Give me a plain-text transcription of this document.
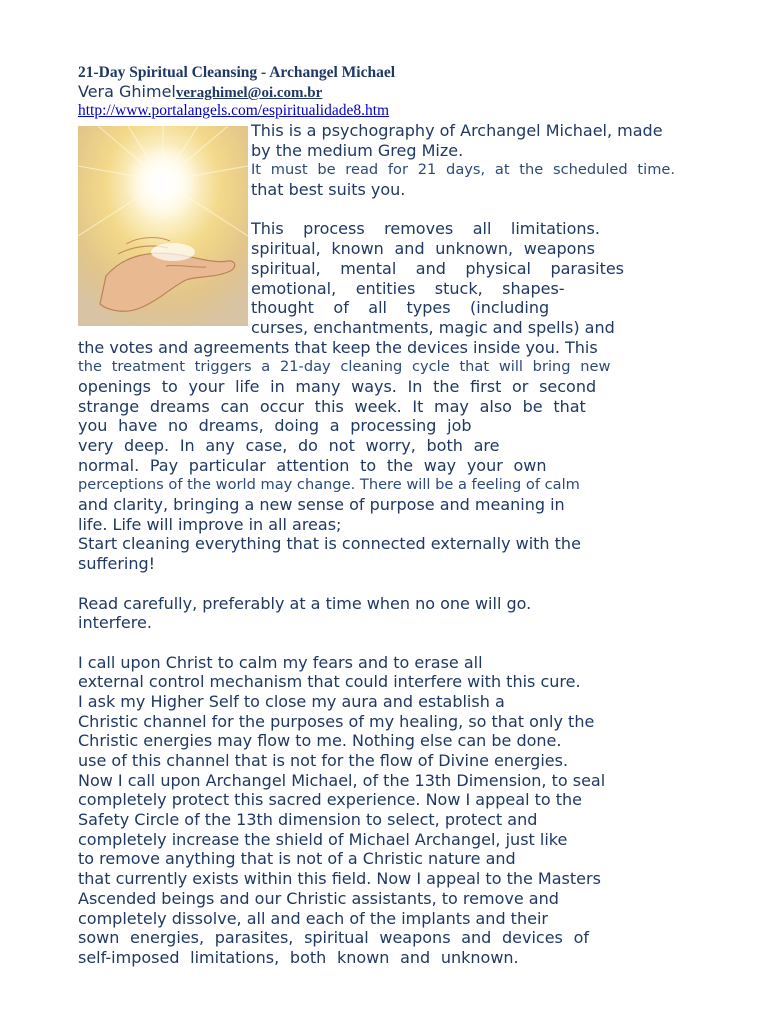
21-Day Spiritual Cleansing - Archangel Michael
Vera Ghimelveraghimel@oi.com.br
http://www.portalangels.com/espiritualidade8.htm
This is a psychography of Archangel Michael, made
by the medium Greg Mize.
It must be read for 21 days, at the scheduled time.
that best suits you.
This process removes all limitations.
spiritual, known and unknown, weapons
spiritual, mental and physical parasites
emotional, entities stuck, shapes-
thought of all types (including
curses, enchantments, magic and spells) and
the votes and agreements that keep the devices inside you. This
the treatment triggers a 21-day cleaning cycle that will bring new
openings to your life in many ways. In the first or second
strange dreams can occur this week. It may also be that
you have no dreams, doing a processing job
very deep. In any case, do not worry, both are
normal. Pay particular attention to the way your own
perceptions of the world may change. There will be a feeling of calm
and clarity, bringing a new sense of purpose and meaning in
life. Life will improve in all areas;
Start cleaning everything that is connected externally with the
suffering!
Read carefully, preferably at a time when no one will go.
interfere.
I call upon Christ to calm my fears and to erase all
external control mechanism that could interfere with this cure.
I ask my Higher Self to close my aura and establish a
Christic channel for the purposes of my healing, so that only the
Christic energies may flow to me. Nothing else can be done.
use of this channel that is not for the flow of Divine energies.
Now I call upon Archangel Michael, of the 13th Dimension, to seal
completely protect this sacred experience. Now I appeal to the
Safety Circle of the 13th dimension to select, protect and
completely increase the shield of Michael Archangel, just like
to remove anything that is not of a Christic nature and
that currently exists within this field. Now I appeal to the Masters
Ascended beings and our Christic assistants, to remove and
completely dissolve, all and each of the implants and their
sown energies, parasites, spiritual weapons and devices of
self-imposed limitations, both known and unknown.
